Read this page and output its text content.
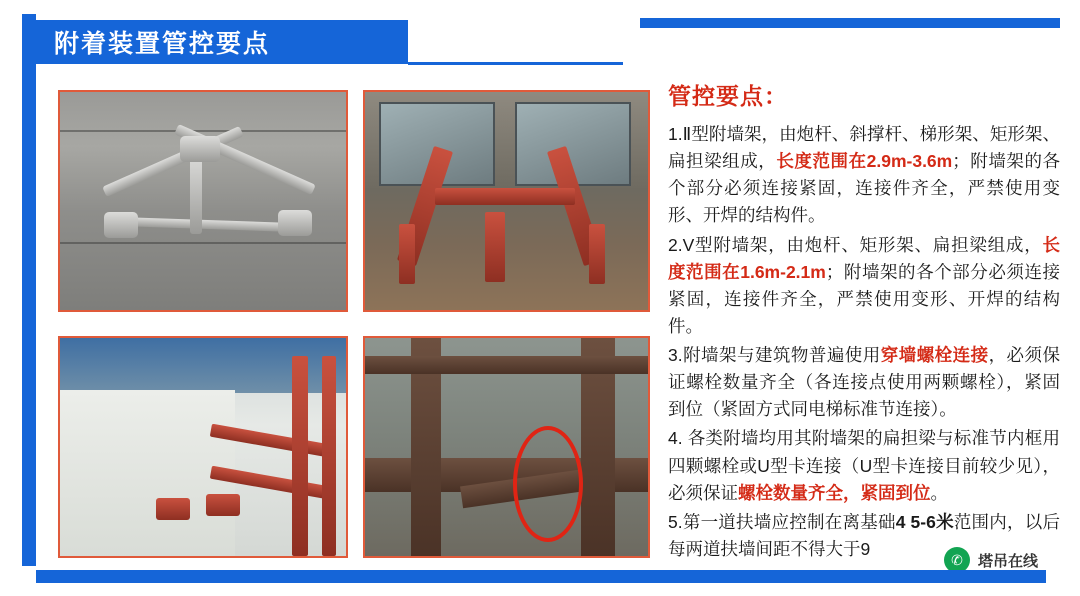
附着装置管控要点
管控要点：

1.Ⅱ型附墙架，由炮杆、斜撑杆、梯形架、矩形架、扁担梁组成，长度范围在2.9m-3.6m；附墙架的各个部分必须连接紧固，连接件齐全，严禁使用变形、开焊的结构件。

2.V型附墙架，由炮杆、矩形架、扁担梁组成，长度范围在1.6m-2.1m；附墙架的各个部分必须连接紧固，连接件齐全，严禁使用变形、开焊的结构件。

3.附墙架与建筑物普遍使用穿墙螺栓连接，必须保证螺栓数量齐全（各连接点使用两颗螺栓），紧固到位（紧固方式同电梯标准节连接）。

4. 各类附墙均用其附墙架的扁担梁与标准节内框用四颗螺栓或U型卡连接（U型卡连接目前较少见），必须保证螺栓数量齐全，紧固到位。

5.第一道扶墙应控制在离基础4 5-6米范围内，以后每两道扶墙间距不得大于9

✆	塔吊在线
